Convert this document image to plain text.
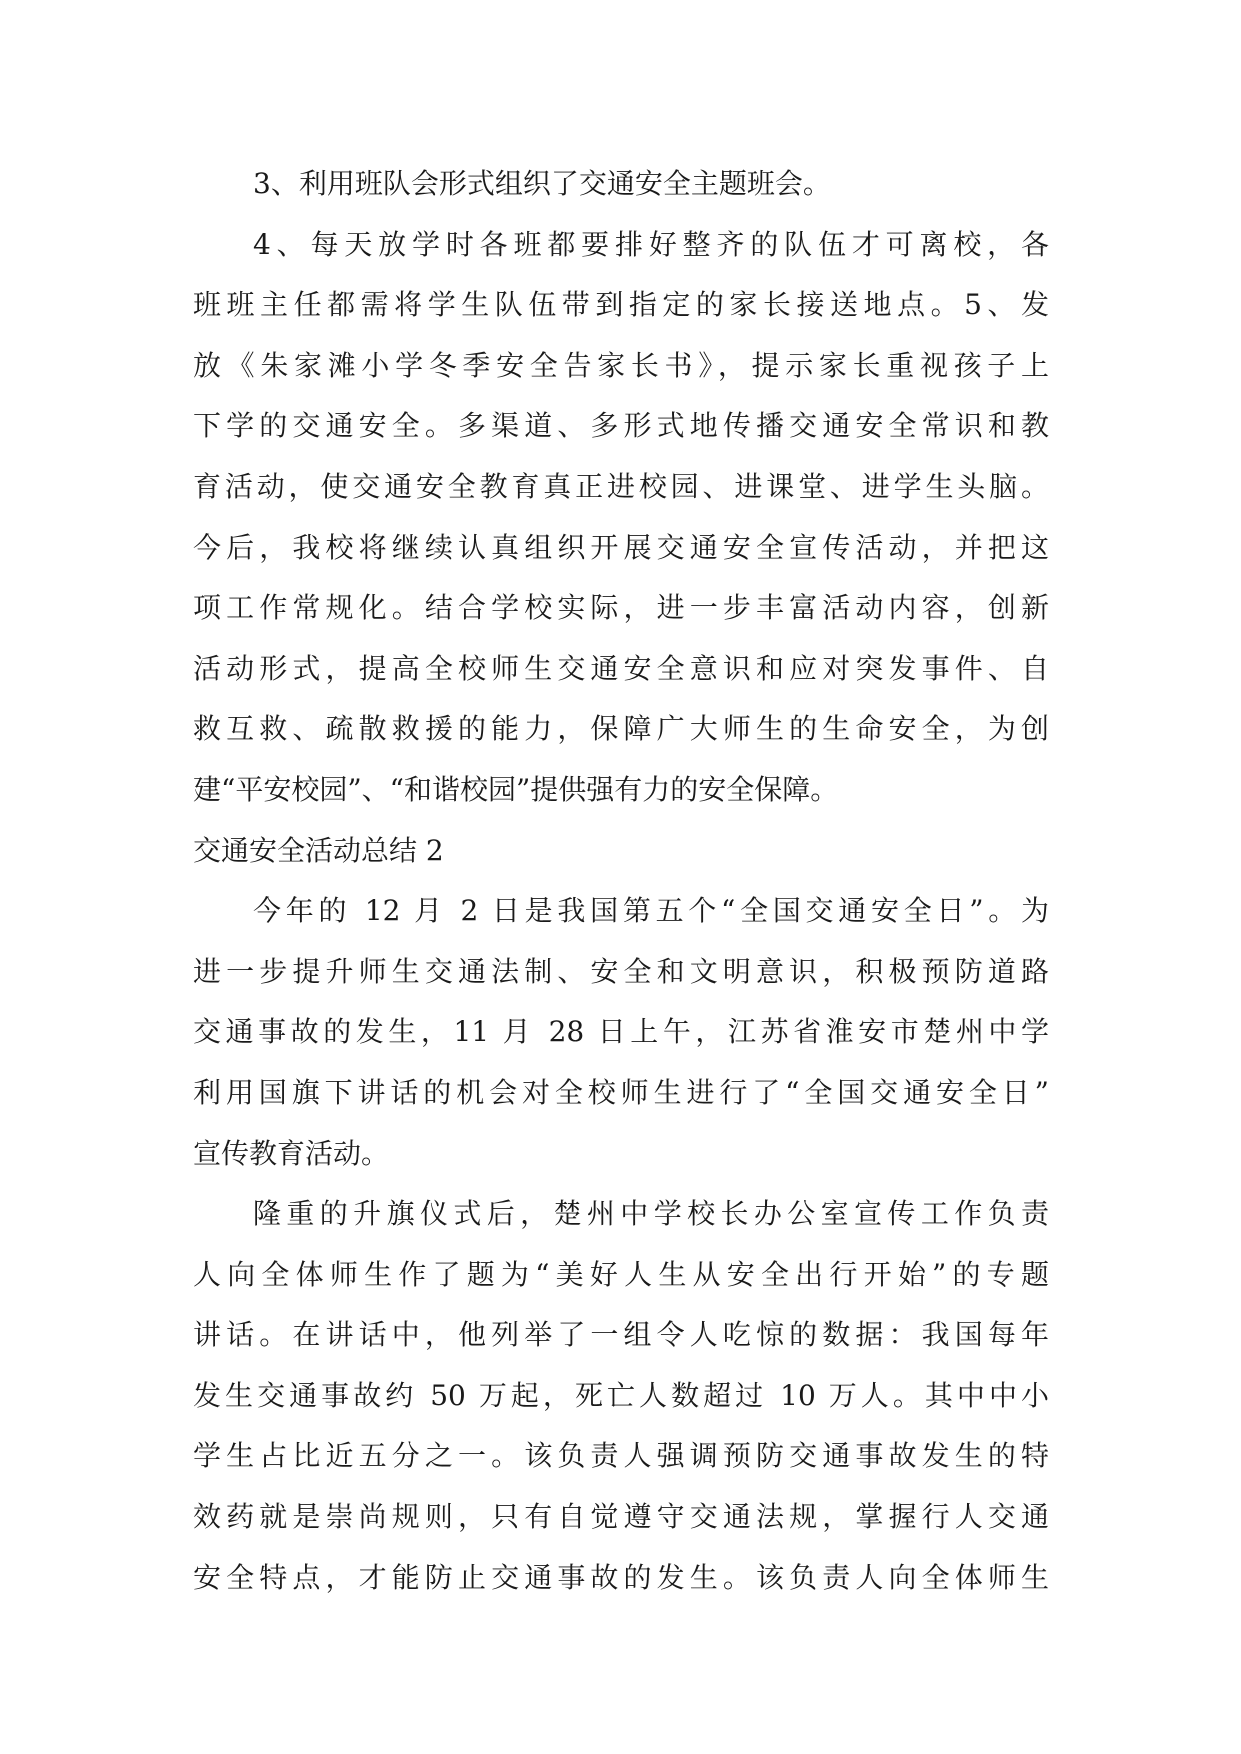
3、利用班队会形式组织了交通安全主题班会。
4、每天放学时各班都要排好整齐的队伍才可离校，各
班班主任都需将学生队伍带到指定的家长接送地点。5、发
放《朱家滩小学冬季安全告家长书》，提示家长重视孩子上
下学的交通安全。多渠道、多形式地传播交通安全常识和教
育活动，使交通安全教育真正进校园、进课堂、进学生头脑。
今后，我校将继续认真组织开展交通安全宣传活动，并把这
项工作常规化。结合学校实际，进一步丰富活动内容，创新
活动形式，提高全校师生交通安全意识和应对突发事件、自
救互救、疏散救援的能力，保障广大师生的生命安全，为创
建“平安校园”、“和谐校园”提供强有力的安全保障。
交通安全活动总结 2
今年的 12 月 2 日是我国第五个“全国交通安全日”。为
进一步提升师生交通法制、安全和文明意识，积极预防道路
交通事故的发生，11 月 28 日上午，江苏省淮安市楚州中学
利用国旗下讲话的机会对全校师生进行了“全国交通安全日”
宣传教育活动。
隆重的升旗仪式后，楚州中学校长办公室宣传工作负责
人向全体师生作了题为“美好人生从安全出行开始”的专题
讲话。在讲话中，他列举了一组令人吃惊的数据：我国每年
发生交通事故约 50 万起，死亡人数超过 10 万人。其中中小
学生占比近五分之一。该负责人强调预防交通事故发生的特
效药就是崇尚规则，只有自觉遵守交通法规，掌握行人交通
安全特点，才能防止交通事故的发生。该负责人向全体师生
